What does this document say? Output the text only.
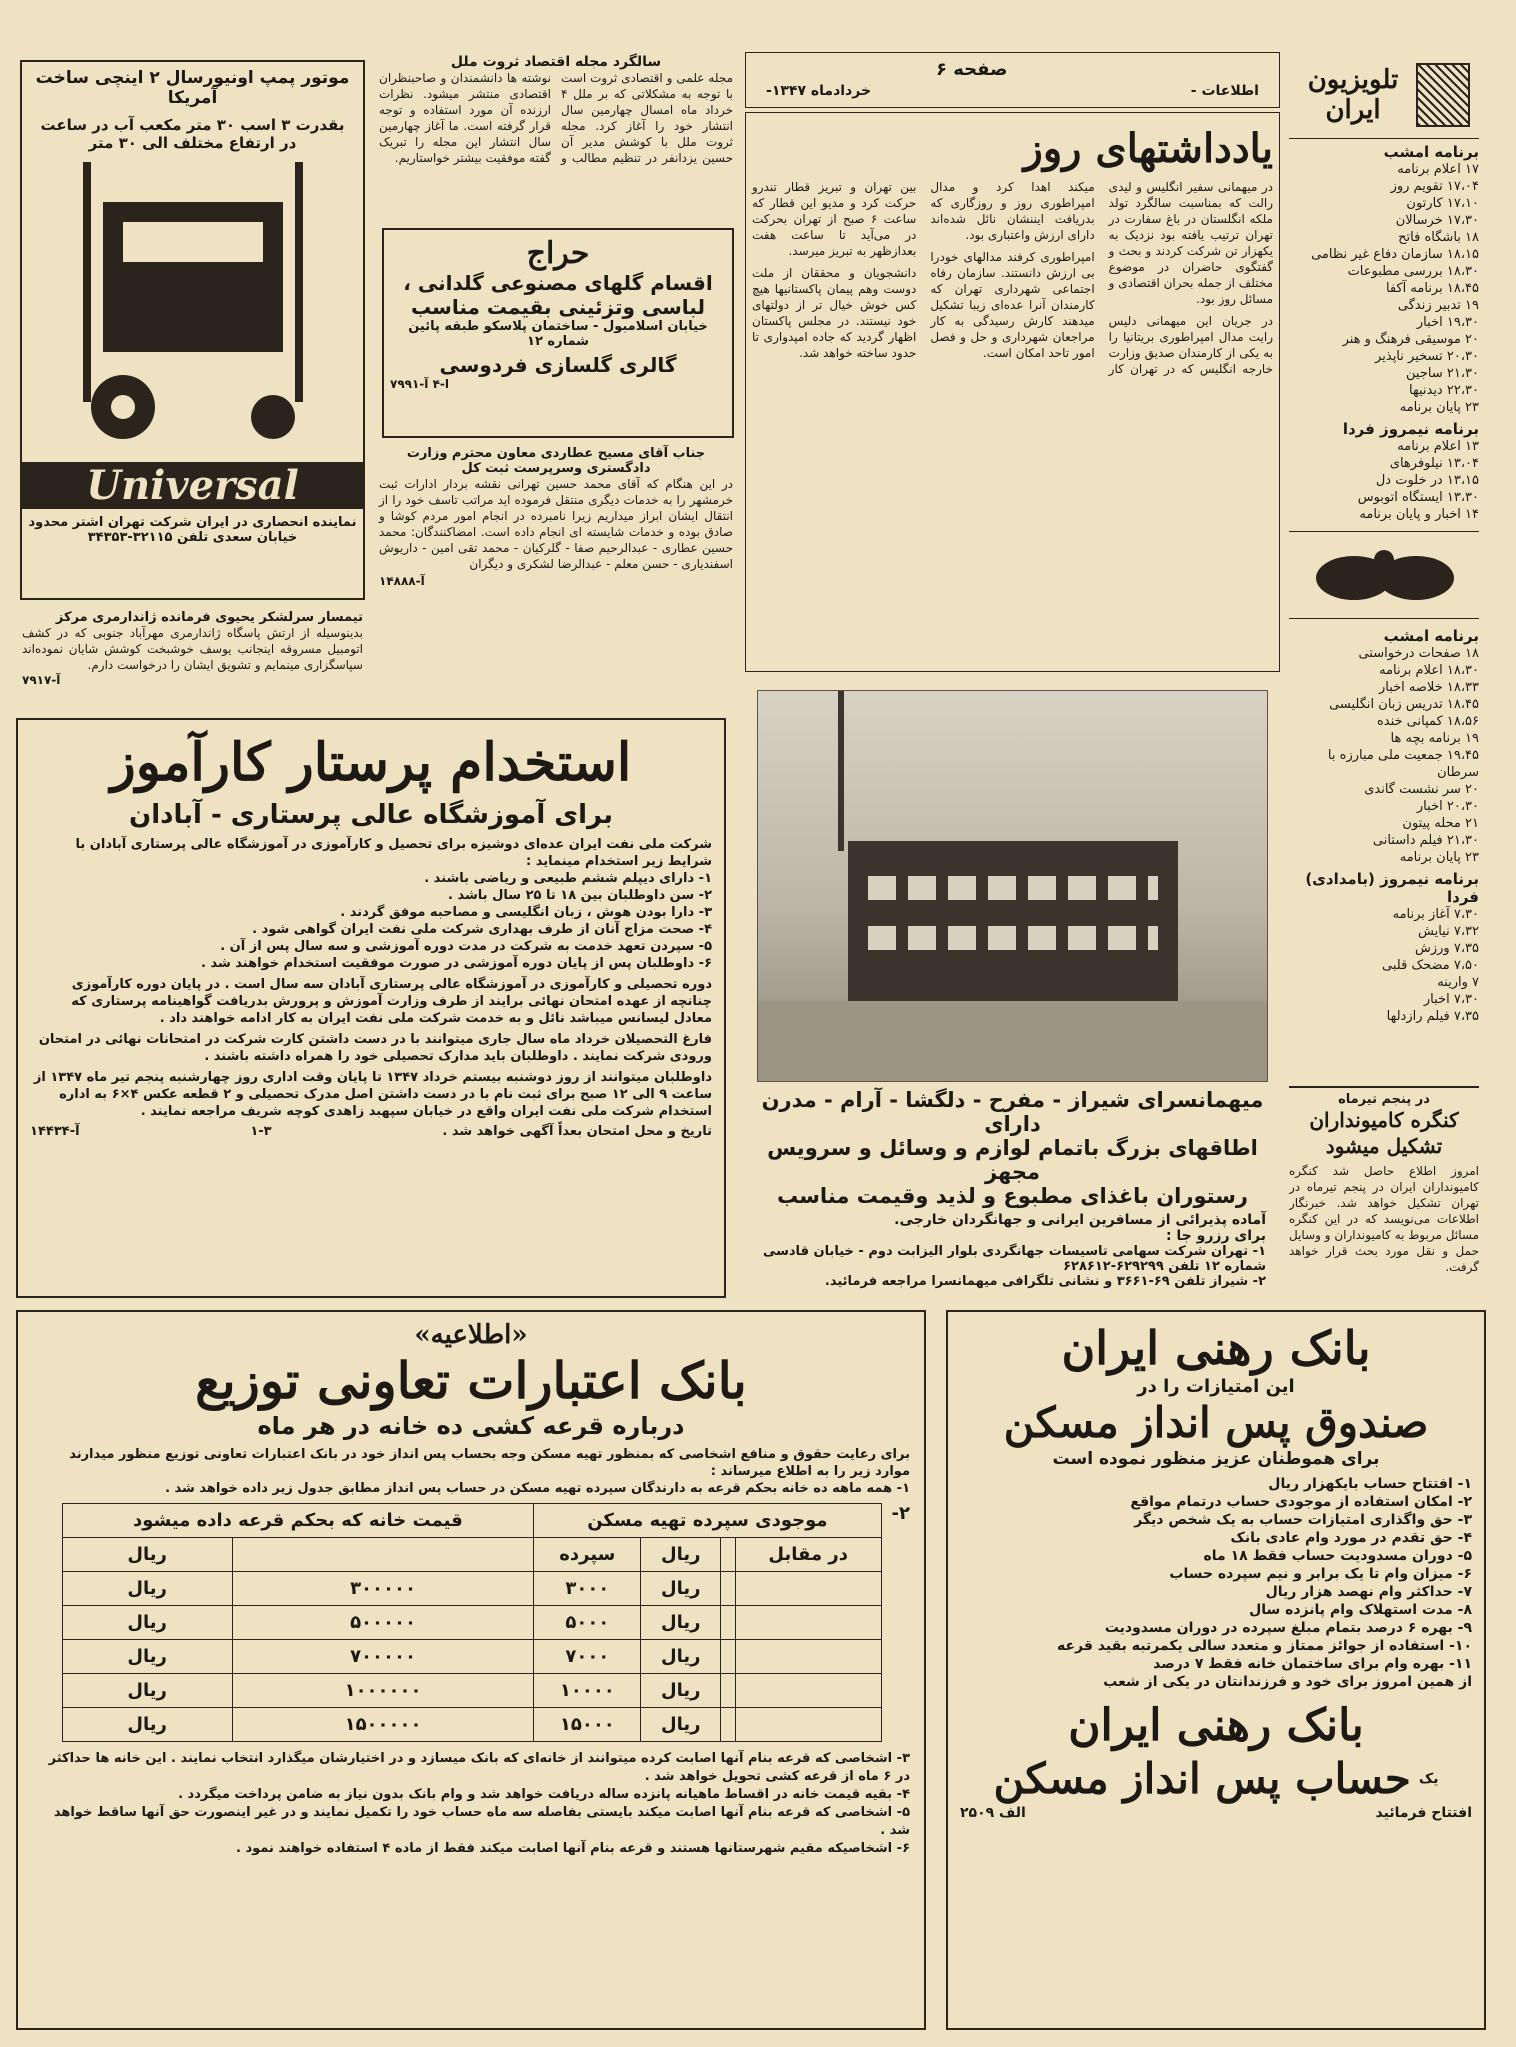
تلویزیون ایران
برنامه امشب
۱۷ اعلام برنامه
۱۷،۰۴ تقویم روز
۱۷،۱۰ کارتون
۱۷،۳۰ خرسالان
۱۸ باشگاه فاتح
۱۸،۱۵ سازمان دفاع غیر نظامی
۱۸،۳۰ بررسی مطبوعات
۱۸،۴۵ برنامه آکفا
۱۹ تدبیر زندگی
۱۹،۳۰ اخبار
۲۰ موسیقی فرهنگ و هنر
۲۰،۳۰ تسخیر ناپذیر
۲۱،۳۰ ساجین
۲۲،۳۰ دیدنیها
۲۳ پایان برنامه
برنامه نیمروز فردا
۱۳ اعلام برنامه
۱۳،۰۴ نیلوفرهای
۱۳،۱۵ در خلوت دل
۱۳،۳۰ ایستگاه اتوبوس
۱۴ اخبار و پایان برنامه
برنامه امشب
۱۸ صفحات درخواستی
۱۸،۳۰ اعلام برنامه
۱۸،۳۳ خلاصه اخبار
۱۸،۴۵ تدریس زبان انگلیسی
۱۸،۵۶ کمپانی خنده
۱۹ برنامه بچه ها
۱۹،۴۵ جمعیت ملی مبارزه با سرطان
۲۰ سر نشست گاندی
۲۰،۳۰ اخبار
۲۱ محله پیتون
۲۱،۳۰ فیلم داستانی
۲۳ پایان برنامه
برنامه نیمروز (بامدادی) فردا
۷،۳۰ آغاز برنامه
۷،۳۲ نیایش
۷،۳۵ ورزش
۷،۵۰ مضحک قلبی
۷ وارینه
۷،۳۰ اخبار
۷،۳۵ فیلم رازدلها
در پنجم تیرماه
کنگره کامیونداران تشکیل میشود
امروز اطلاع حاصل شد کنگره کامیونداران ایران در پنجم تیرماه در تهران تشکیل خواهد شد. خبرنگار اطلاعات می‌نویسد که در این کنگره مسائل مربوط به کامیونداران و وسایل حمل و نقل مورد بحث قرار خواهد گرفت.
صفحه ۶
اطلاعات -
خردادماه ۱۳۴۷-
یادداشتهای روز

در میهمانی سفیر انگلیس و لیدی رالت که بمناسبت سالگرد تولد ملکه انگلستان در باغ سفارت در تهران ترتیب یافته بود نزدیک به یکهزار تن شرکت کردند و بحث و گفتگوی حاضران در موضوع مختلف از جمله بحران اقتصادی و مسائل روز بود.

در جریان این میهمانی دلیس رایت مدال امپراطوری بریتانیا را به یکی از کارمندان صدیق وزارت خارجه انگلیس که در تهران کار میکند اهدا کرد و مدال امپراطوری روز و روزگاری که بدریافت ایننشان نائل شده‌اند دارای ارزش واعتباری بود.

امپراطوری کرفند مدالهای خودرا بی ارزش دانستند. سازمان رفاه اجتماعی شهرداری تهران که کارمندان آنرا عده‌ای زیبا تشکیل میدهند کارش رسیدگی به کار مراجعان شهرداری و حل و فصل امور تاحد امکان است.

بین تهران و تبریز قطار تندرو حرکت کرد و مدیو این قطار که ساعت ۶ صبح از تهران بحرکت در می‌آید تا ساعت هفت بعدازظهر به تبریز میرسد.

دانشجویان و محققان از ملت دوست وهم پیمان پاکستانیها هیچ کس خوش خیال تر از دولتهای خود نیستند. در مجلس پاکستان اظهار گردید که جاده امپدواری تا حدود ساخته خواهد شد.

میهمانسرای شیراز - مفرح - دلگشا - آرام - مدرن دارای
اطاقهای بزرگ باتمام لوازم و وسائل و سرویس مجهز
رستوران باغذای مطبوع و لذید وقیمت مناسب
آماده پذیرائی از مسافرین ایرانی و جهانگردان خارجی.
برای رزرو جا :
۱- تهران شرکت سهامی تاسیسات جهانگردی بلوار الیزابت دوم - خیابان قادسی شماره ۱۲ تلفن ۶۲۹۲۹۹-۶۲۸۶۱۲
۲- شیراز تلفن ۶۹-۳۶۶۱ و نشانی تلگرافی میهمانسرا مراجعه فرمائید.
سالگرد مجله اقتصاد ثروت ملل
مجله علمی و اقتصادی ثروت است با توجه به مشکلاتی که بر ملل ۴ خرداد ماه امسال چهارمین سال انتشار خود را آغاز کرد. مجله ثروت ملل با کوشش مدیر آن حسین یزدانفر در تنظیم مطالب و نوشته ها دانشمندان و صاحبنظران اقتصادی منتشر میشود. نظرات ارزنده آن مورد استفاده و توجه قرار گرفته است. ما آغاز چهارمین سال انتشار این مجله را تبریک گفته موفقیت بیشتر خواستاریم.
حراج
اقسام گلهای مصنوعی گلدانی ،
لباسی وتزئینی بقیمت مناسب
خیابان اسلامبول - ساختمان پلاسکو طبقه پائین
شماره ۱۲
گالری گلسازی فردوسی
ا-۴ آ-۷۹۹۱
جناب آقای مسیح عطاردی معاون محترم وزارت دادگستری وسرپرست ثبت کل
در این هنگام که آقای محمد حسین تهرانی نقشه بردار ادارات ثبت خرمشهر را به خدمات دیگری منتقل فرموده اید مراتب تاسف خود را از انتقال ایشان ابراز میداریم زیرا نامبرده در انجام امور مردم کوشا و صادق بوده و خدمات شایسته ای انجام داده است. امضاکنندگان: محمد حسین عطاری - عبدالرحیم صفا - گلرکیان - محمد تقی امین - داریوش اسفندیاری - حسن معلم - عبدالرضا لشکری و دیگران
آ-۱۴۸۸۸
موتور پمپ اونیورسال ۲ اینچی ساخت آمریکا
بقدرت ۳ اسب ۳۰ متر مکعب آب در ساعت
در ارتفاع مختلف الی ۳۰ متر
Universal
نماینده انحصاری در ایران شرکت تهران اشتر محدود
خیابان سعدی تلفن ۳۲۱۱۵-۳۴۳۵۳
تیمسار سرلشکر یحیوی فرمانده ژاندارمری مرکز
بدینوسیله از ارتش پاسگاه ژاندارمری مهرآباد جنوبی که در کشف اتومبیل مسروقه اینجانب یوسف خوشبخت کوشش شایان نموده‌اند سپاسگزاری مینمایم و تشویق ایشان را درخواست دارم.
آ-۷۹۱۷
استخدام پرستار کارآموز
برای آموزشگاه عالی پرستاری - آبادان
شرکت ملی نفت ایران عده‌ای دوشیزه برای تحصیل و کارآموزی در آموزشگاه عالی پرستاری آبادان با شرایط زیر استخدام مینماید :
۱- دارای دیپلم ششم طبیعی و ریاضی باشند .
۲- سن داوطلبان بین ۱۸ تا ۲۵ سال باشد .
۳- دارا بودن هوش ، زبان انگلیسی و مصاحبه موفق گردند .
۴- صحت مزاج آنان از طرف بهداری شرکت ملی نفت ایران گواهی شود .
۵- سپردن تعهد خدمت به شرکت در مدت دوره آموزشی و سه سال پس از آن .
۶- داوطلبان پس از پایان دوره آموزشی در صورت موفقیت استخدام خواهند شد .
دوره تحصیلی و کارآموزی در آموزشگاه عالی پرستاری آبادان سه سال است . در پایان دوره کارآموزی چنانچه از عهده امتحان نهائی برایند از طرف وزارت آموزش و پرورش بدریافت گواهینامه پرستاری که معادل لیسانس میباشد نائل و به خدمت شرکت ملی نفت ایران به کار ادامه خواهند داد .
فارغ التحصیلان خرداد ماه سال جاری میتوانند با در دست داشتن کارت شرکت در امتحانات نهائی در امتحان ورودی شرکت نمایند . داوطلبان باید مدارک تحصیلی خود را همراه داشته باشند .
داوطلبان میتوانند از روز دوشنبه بیستم خرداد ۱۳۴۷ تا پایان وقت اداری روز چهارشنبه پنجم تیر ماه ۱۳۴۷ از ساعت ۹ الی ۱۲ صبح برای ثبت نام با در دست داشتن اصل مدرک تحصیلی و ۲ قطعه عکس ۴×۶ به اداره استخدام شرکت ملی نفت ایران واقع در خیابان سپهبد زاهدی کوچه شریف مراجعه نمایند .
تاریخ و محل امتحان بعداً آگهی خواهد شد .
۱-۳
آ-۱۴۴۳۴
«اطلاعیه»
بانک اعتبارات تعاونی توزیع
درباره قرعه کشی ده خانه در هر ماه
برای رعایت حقوق و منافع اشخاصی که بمنظور تهیه مسکن وجه بحساب پس انداز خود در بانک اعتبارات تعاونی توزیع منظور میدارند موارد زیر را به اطلاع میرساند :
۱- همه ماهه ده خانه بحکم قرعه به دارندگان سپرده تهیه مسکن در حساب پس انداز مطابق جدول زیر داده خواهد شد .
۲-
موجودی سپرده تهیه مسکن				قیمت خانه که بحکم قرعه داده میشود	
در مقابل		ریال	سپرده		ریال
		ریال	۳۰۰۰	۳۰۰۰۰۰	ریال
		ریال	۵۰۰۰	۵۰۰۰۰۰	ریال
		ریال	۷۰۰۰	۷۰۰۰۰۰	ریال
		ریال	۱۰۰۰۰	۱۰۰۰۰۰۰	ریال
		ریال	۱۵۰۰۰	۱۵۰۰۰۰۰	ریال
۳- اشخاصی که قرعه بنام آنها اصابت کرده میتوانند از خانه‌ای که بانک میسازد و در اختیارشان میگذارد انتخاب نمایند . این خانه ها حداکثر در ۶ ماه از قرعه کشی تحویل خواهد شد .
۴- بقیه قیمت خانه در اقساط ماهیانه پانزده ساله دریافت خواهد شد و وام بانک بدون نیاز به ضامن پرداخت میگردد .
۵- اشخاصی که قرعه بنام آنها اصابت میکند بایستی بفاصله سه ماه حساب خود را تکمیل نمایند و در غیر اینصورت حق آنها ساقط خواهد شد .
۶- اشخاصیکه مقیم شهرستانها هستند و قرعه بنام آنها اصابت میکند فقط از ماده ۴ استفاده خواهند نمود .
بانک رهنی ایران
این امتیازات را در
صندوق پس انداز مسکن
برای هموطنان عزیز منظور نموده است
۱- افتتاح حساب بایکهزار ریال
۲- امکان استفاده از موجودی حساب درتمام مواقع
۳- حق واگذاری امتیازات حساب به یک شخص دیگر
۴- حق تقدم در مورد وام عادی بانک
۵- دوران مسدودیت حساب فقط ۱۸ ماه
۶- میزان وام تا یک برابر و نیم سپرده حساب
۷- حداکثر وام نهصد هزار ریال
۸- مدت استهلاک وام پانزده سال
۹- بهره ۶ درصد بتمام مبلغ سپرده در دوران مسدودیت
۱۰- استفاده از جوائز ممتاز و متعدد سالی یکمرتبه بقید قرعه
۱۱- بهره وام برای ساختمان خانه فقط ۷ درصد
از همین امروز برای خود و فرزندانتان در یکی از شعب
بانک رهنی ایران
یک
حساب پس انداز مسکن
افتتاح فرمائید
الف ۲۵۰۹
